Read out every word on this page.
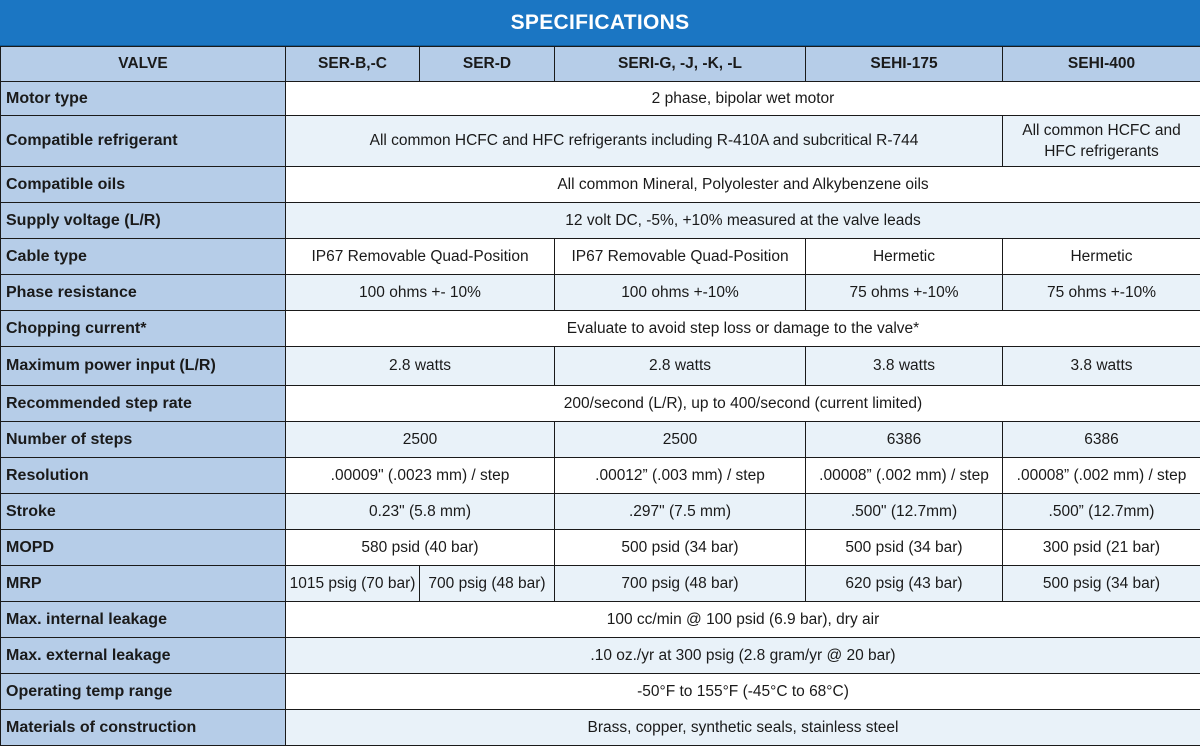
SPECIFICATIONS
VALVE	SER-B,-C	SER-D	SERI-G, -J, -K, -L	SEHI-175	SEHI-400
Motor type	2 phase, bipolar wet motor				
Compatible refrigerant	All common HCFC and HFC refrigerants including R-410A and subcritical R-744				All common HCFC and HFC refrigerants
Compatible oils	All common Mineral, Polyolester and Alkybenzene oils				
Supply voltage (L/R)	12 volt DC, -5%, +10% measured at the valve leads				
Cable type	IP67 Removable Quad-Position		IP67 Removable Quad-Position	Hermetic	Hermetic
Phase resistance	100 ohms +- 10%		100 ohms +-10%	75 ohms +-10%	75 ohms +-10%
Chopping current*	Evaluate to avoid step loss or damage to the valve*				
Maximum power input (L/R)	2.8 watts		2.8 watts	3.8 watts	3.8 watts
Recommended step rate	200/second (L/R), up to 400/second (current limited)				
Number of steps	2500		2500	6386	6386
Resolution	.00009" (.0023 mm) / step		.00012” (.003 mm) / step	.00008” (.002 mm) / step	.00008” (.002 mm) / step
Stroke	0.23" (5.8 mm)		.297" (7.5 mm)	.500" (12.7mm)	.500” (12.7mm)
MOPD	580 psid (40 bar)		500 psid (34 bar)	500 psid (34 bar)	300 psid (21 bar)
MRP	1015 psig (70 bar)	700 psig (48 bar)	700 psig (48 bar)	620 psig (43 bar)	500 psig (34 bar)
Max. internal leakage	100 cc/min @ 100 psid (6.9 bar), dry air				
Max. external leakage	.10 oz./yr at 300 psig (2.8 gram/yr @ 20 bar)				
Operating temp range	-50°F to 155°F (-45°C to 68°C)				
Materials of construction	Brass, copper, synthetic seals, stainless steel				
